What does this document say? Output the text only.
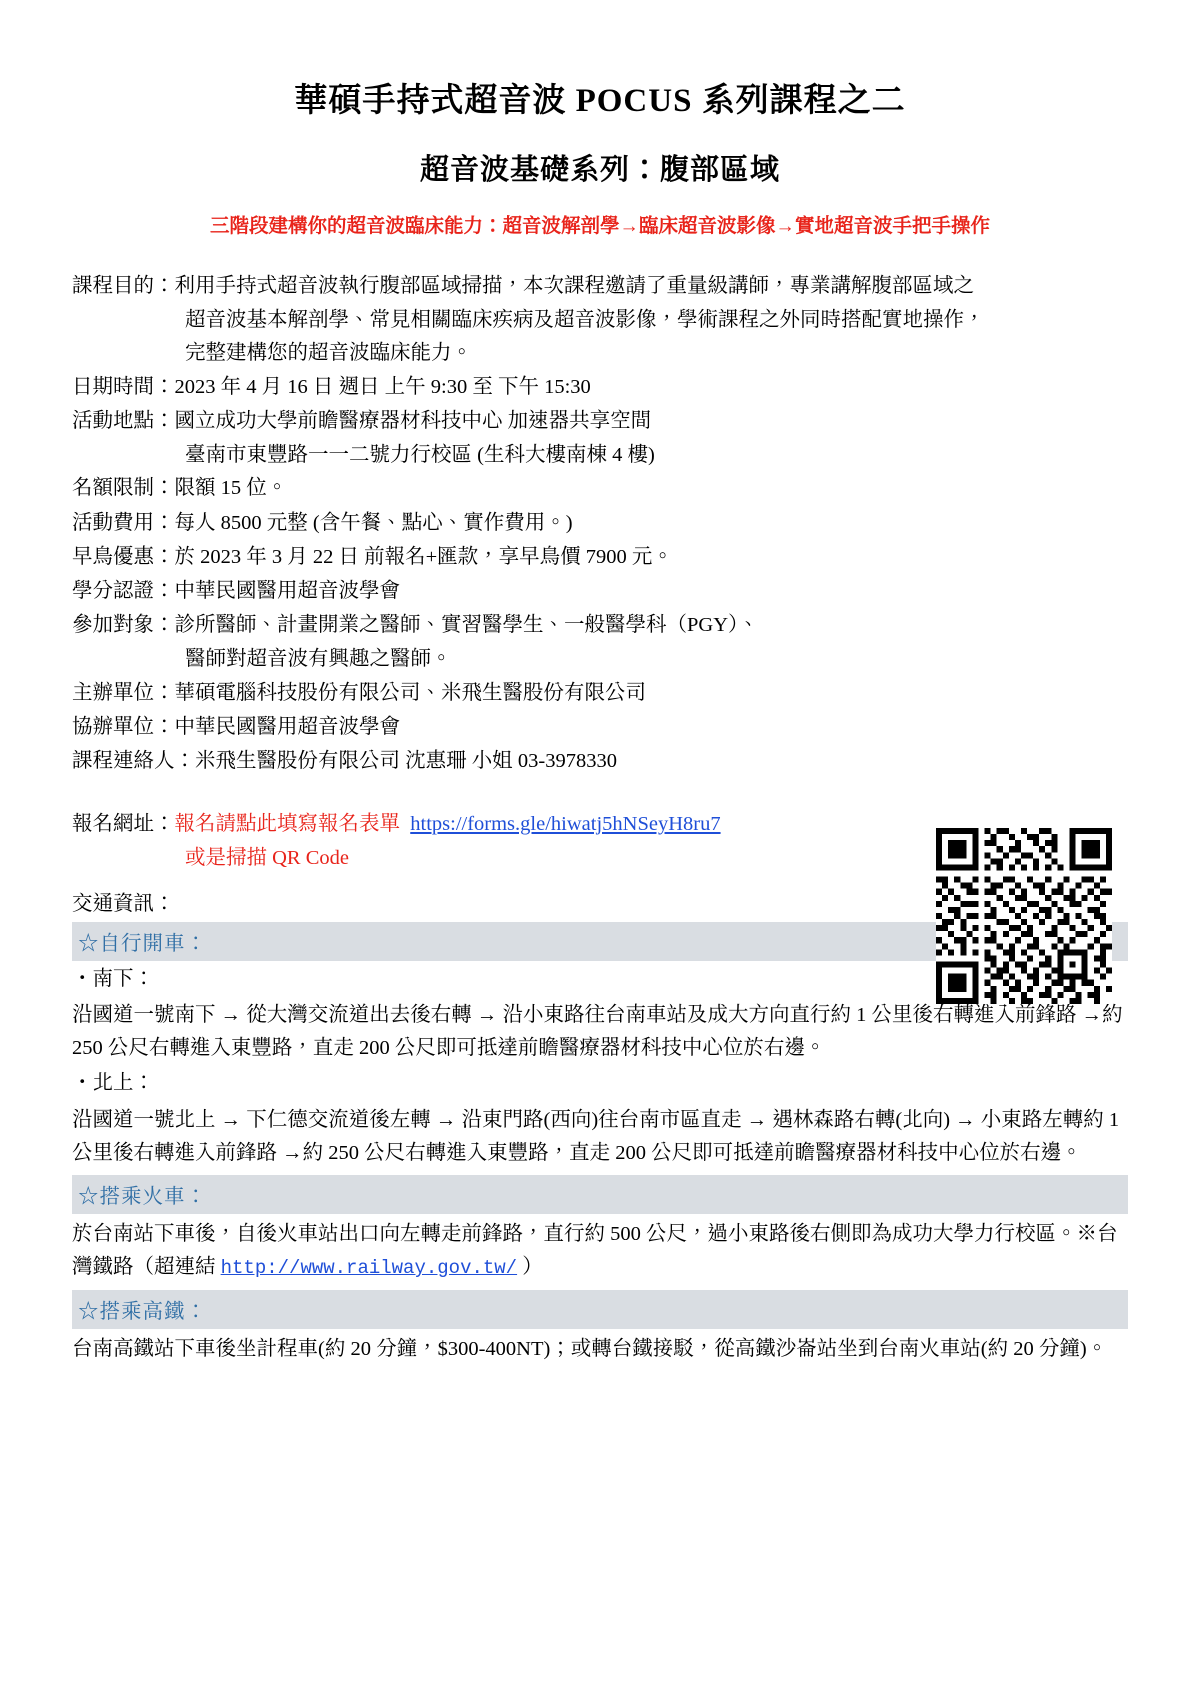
華碩手持式超音波 POCUS 系列課程之二
超音波基礎系列：腹部區域
三階段建構你的超音波臨床能力：超音波解剖學→臨床超音波影像→實地超音波手把手操作
課程目的： 利用手持式超音波執行腹部區域掃描，本次課程邀請了重量級講師，專業講解腹部區域之
超音波基本解剖學、常見相關臨床疾病及超音波影像，學術課程之外同時搭配實地操作，
完整建構您的超音波臨床能力。
日期時間： 2023 年 4 月 16 日 週日 上午 9:30 至 下午 15:30
活動地點： 國立成功大學前瞻醫療器材科技中心 加速器共享空間
臺南市東豐路一一二號力行校區 (生科大樓南棟 4 樓)
名額限制： 限額 15 位。
活動費用： 每人 8500 元整 (含午餐、點心、實作費用。)
早鳥優惠： 於 2023 年 3 月 22 日 前報名+匯款，享早鳥價 7900 元。
學分認證： 中華民國醫用超音波學會
參加對象： 診所醫師、計畫開業之醫師、實習醫學生、一般醫學科（PGY）、
醫師對超音波有興趣之醫師。
主辦單位： 華碩電腦科技股份有限公司、米飛生醫股份有限公司
協辦單位： 中華民國醫用超音波學會
課程連絡人： 米飛生醫股份有限公司 沈惠珊 小姐 03-3978330
報名網址： 報名請點此填寫報名表單 https://forms.gle/hiwatj5hNSeyH8ru7
或是掃描 QR Code
交通資訊：
☆自行開車：
・南下：
沿國道一號南下 → 從大灣交流道出去後右轉 → 沿小東路往台南車站及成大方向直行約 1 公里後右轉進入前鋒路 →約 250 公尺右轉進入東豐路，直走 200 公尺即可抵達前瞻醫療器材科技中心位於右邊。
・北上：
沿國道一號北上 → 下仁德交流道後左轉 → 沿東門路(西向)往台南市區直走 → 遇林森路右轉(北向) → 小東路左轉約 1 公里後右轉進入前鋒路 →約 250 公尺右轉進入東豐路，直走 200 公尺即可抵達前瞻醫療器材科技中心位於右邊。
☆搭乘火車：
於台南站下車後，自後火車站出口向左轉走前鋒路，直行約 500 公尺，過小東路後右側即為成功大學力行校區。※台灣鐵路（超連結 http://www.railway.gov.tw/ ）
☆搭乘高鐵：
台南高鐵站下車後坐計程車(約 20 分鐘，$300-400NT)；或轉台鐵接駁，從高鐵沙崙站坐到台南火車站(約 20 分鐘)。
